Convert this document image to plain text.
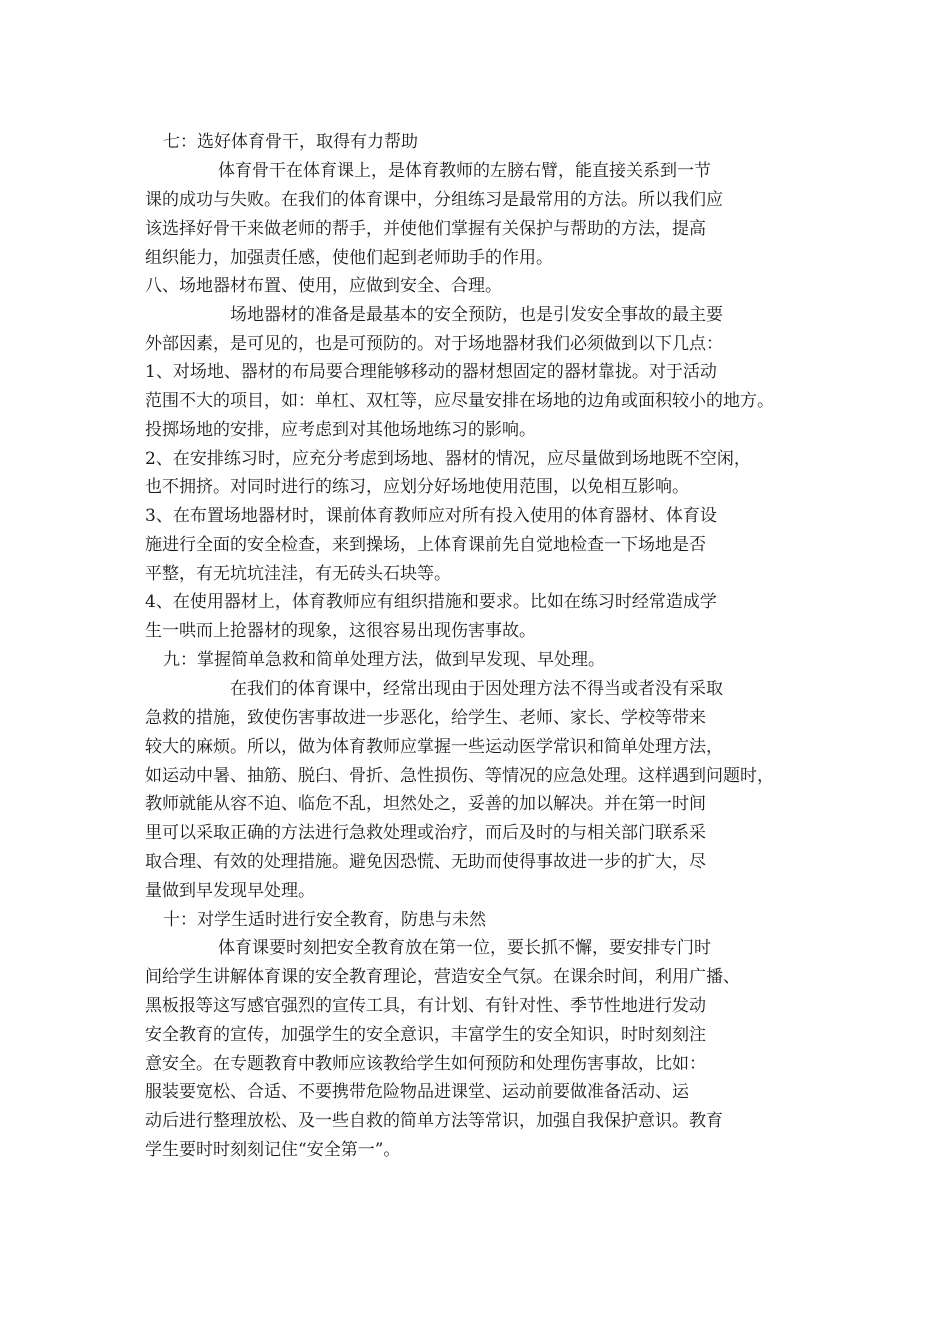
七：选好体育骨干，取得有力帮助
体育骨干在体育课上，是体育教师的左膀右臂，能直接关系到一节
课的成功与失败。在我们的体育课中，分组练习是最常用的方法。所以我们应
该选择好骨干来做老师的帮手，并使他们掌握有关保护与帮助的方法，提高
组织能力，加强责任感，使他们起到老师助手的作用。
八、场地器材布置、使用，应做到安全、合理。
场地器材的准备是最基本的安全预防，也是引发安全事故的最主要
外部因素，是可见的，也是可预防的。对于场地器材我们必须做到以下几点：
1、对场地、器材的布局要合理能够移动的器材想固定的器材靠拢。对于活动
范围不大的项目，如：单杠、双杠等，应尽量安排在场地的边角或面积较小的地方。
投掷场地的安排，应考虑到对其他场地练习的影响。
2、在安排练习时，应充分考虑到场地、器材的情况，应尽量做到场地既不空闲，
也不拥挤。对同时进行的练习，应划分好场地使用范围，以免相互影响。
3、在布置场地器材时，课前体育教师应对所有投入使用的体育器材、体育设
施进行全面的安全检查，来到操场，上体育课前先自觉地检查一下场地是否
平整，有无坑坑洼洼，有无砖头石块等。
4、在使用器材上，体育教师应有组织措施和要求。比如在练习时经常造成学
生一哄而上抢器材的现象，这很容易出现伤害事故。
九：掌握简单急救和简单处理方法，做到早发现、早处理。
在我们的体育课中，经常出现由于因处理方法不得当或者没有采取
急救的措施，致使伤害事故进一步恶化，给学生、老师、家长、学校等带来
较大的麻烦。所以，做为体育教师应掌握一些运动医学常识和简单处理方法，
如运动中暑、抽筋、脱臼、骨折、急性损伤、等情况的应急处理。这样遇到问题时，
教师就能从容不迫、临危不乱，坦然处之，妥善的加以解决。并在第一时间
里可以采取正确的方法进行急救处理或治疗，而后及时的与相关部门联系采
取合理、有效的处理措施。避免因恐慌、无助而使得事故进一步的扩大，尽
量做到早发现早处理。
十：对学生适时进行安全教育，防患与未然
体育课要时刻把安全教育放在第一位，要长抓不懈，要安排专门时
间给学生讲解体育课的安全教育理论，营造安全气氛。在课余时间，利用广播、
黑板报等这写感官强烈的宣传工具，有计划、有针对性、季节性地进行发动
安全教育的宣传，加强学生的安全意识，丰富学生的安全知识，时时刻刻注
意安全。在专题教育中教师应该教给学生如何预防和处理伤害事故，比如：
服装要宽松、合适、不要携带危险物品进课堂、运动前要做准备活动、运
动后进行整理放松、及一些自救的简单方法等常识，加强自我保护意识。教育
学生要时时刻刻记住“安全第一”。
